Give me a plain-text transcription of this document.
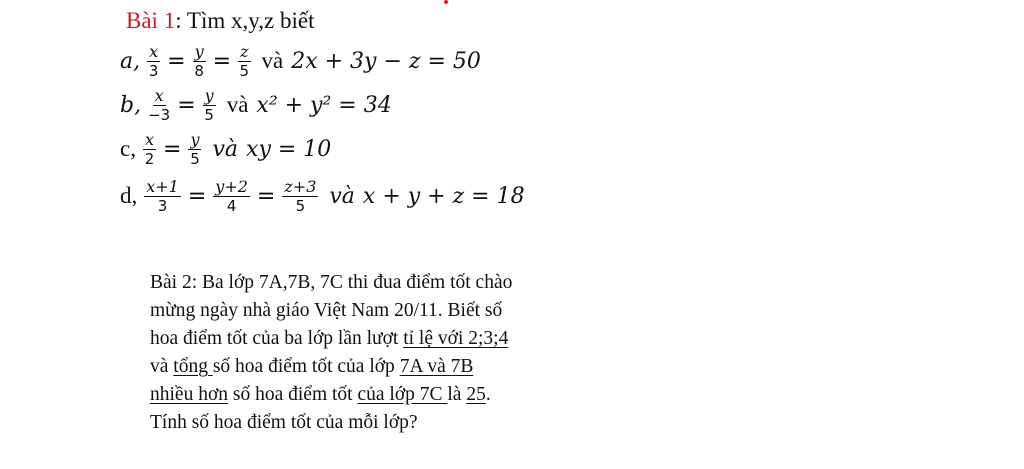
Bài 1: Tìm x,y,z biết
a, $\frac{x}{3} = \frac{y}{8} = \frac{z}{5}$ và 2x + 3y − z = 50
b, $\frac{x}{-3} = \frac{y}{5}$ và x² + y² = 34
c, $\frac{x}{2} = \frac{y}{5}$ và xy = 10
d, $\frac{x+1}{3} = \frac{y+2}{4} = \frac{z+3}{5}$ và x + y + z = 18
Bài 2: Ba lớp 7A,7B, 7C thi đua điểm tốt chào
mừng ngày nhà giáo Việt Nam 20/11. Biết số
hoa điểm tốt của ba lớp lần lượt tỉ lệ với 2;3;4
và tổng số hoa điểm tốt của lớp 7A và 7B
nhiều hơn số hoa điểm tốt của lớp 7C là 25.
Tính số hoa điểm tốt của mỗi lớp?
